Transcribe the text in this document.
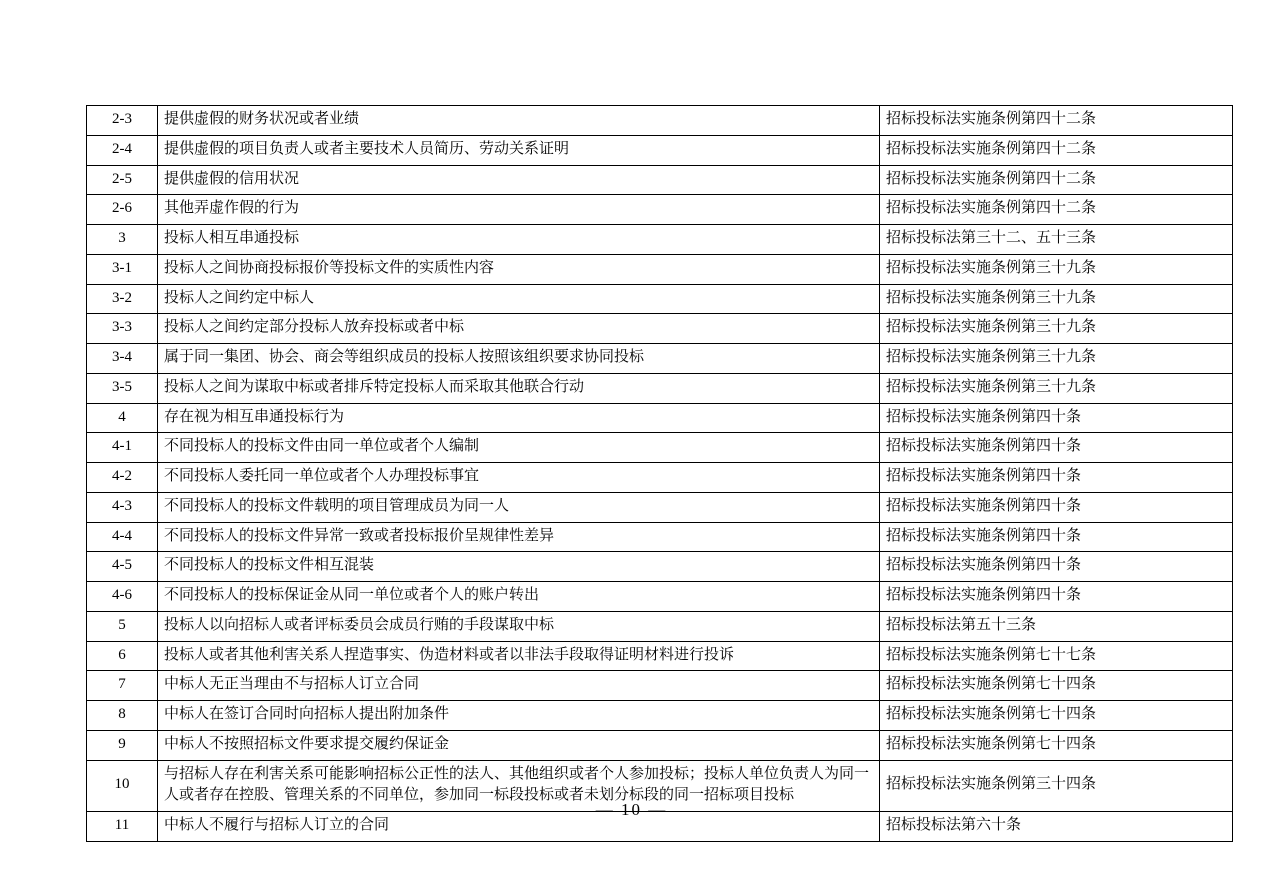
2-3	提供虚假的财务状况或者业绩	招标投标法实施条例第四十二条
2-4	提供虚假的项目负责人或者主要技术人员简历、劳动关系证明	招标投标法实施条例第四十二条
2-5	提供虚假的信用状况	招标投标法实施条例第四十二条
2-6	其他弄虚作假的行为	招标投标法实施条例第四十二条
3	投标人相互串通投标	招标投标法第三十二、五十三条
3-1	投标人之间协商投标报价等投标文件的实质性内容	招标投标法实施条例第三十九条
3-2	投标人之间约定中标人	招标投标法实施条例第三十九条
3-3	投标人之间约定部分投标人放弃投标或者中标	招标投标法实施条例第三十九条
3-4	属于同一集团、协会、商会等组织成员的投标人按照该组织要求协同投标	招标投标法实施条例第三十九条
3-5	投标人之间为谋取中标或者排斥特定投标人而采取其他联合行动	招标投标法实施条例第三十九条
4	存在视为相互串通投标行为	招标投标法实施条例第四十条
4-1	不同投标人的投标文件由同一单位或者个人编制	招标投标法实施条例第四十条
4-2	不同投标人委托同一单位或者个人办理投标事宜	招标投标法实施条例第四十条
4-3	不同投标人的投标文件载明的项目管理成员为同一人	招标投标法实施条例第四十条
4-4	不同投标人的投标文件异常一致或者投标报价呈规律性差异	招标投标法实施条例第四十条
4-5	不同投标人的投标文件相互混装	招标投标法实施条例第四十条
4-6	不同投标人的投标保证金从同一单位或者个人的账户转出	招标投标法实施条例第四十条
5	投标人以向招标人或者评标委员会成员行贿的手段谋取中标	招标投标法第五十三条
6	投标人或者其他利害关系人捏造事实、伪造材料或者以非法手段取得证明材料进行投诉	招标投标法实施条例第七十七条
7	中标人无正当理由不与招标人订立合同	招标投标法实施条例第七十四条
8	中标人在签订合同时向招标人提出附加条件	招标投标法实施条例第七十四条
9	中标人不按照招标文件要求提交履约保证金	招标投标法实施条例第七十四条
10	与招标人存在利害关系可能影响招标公正性的法人、其他组织或者个人参加投标；投标人单位负责人为同一人或者存在控股、管理关系的不同单位，参加同一标段投标或者未划分标段的同一招标项目投标	招标投标法实施条例第三十四条
11	中标人不履行与招标人订立的合同	招标投标法第六十条
— 10 —
